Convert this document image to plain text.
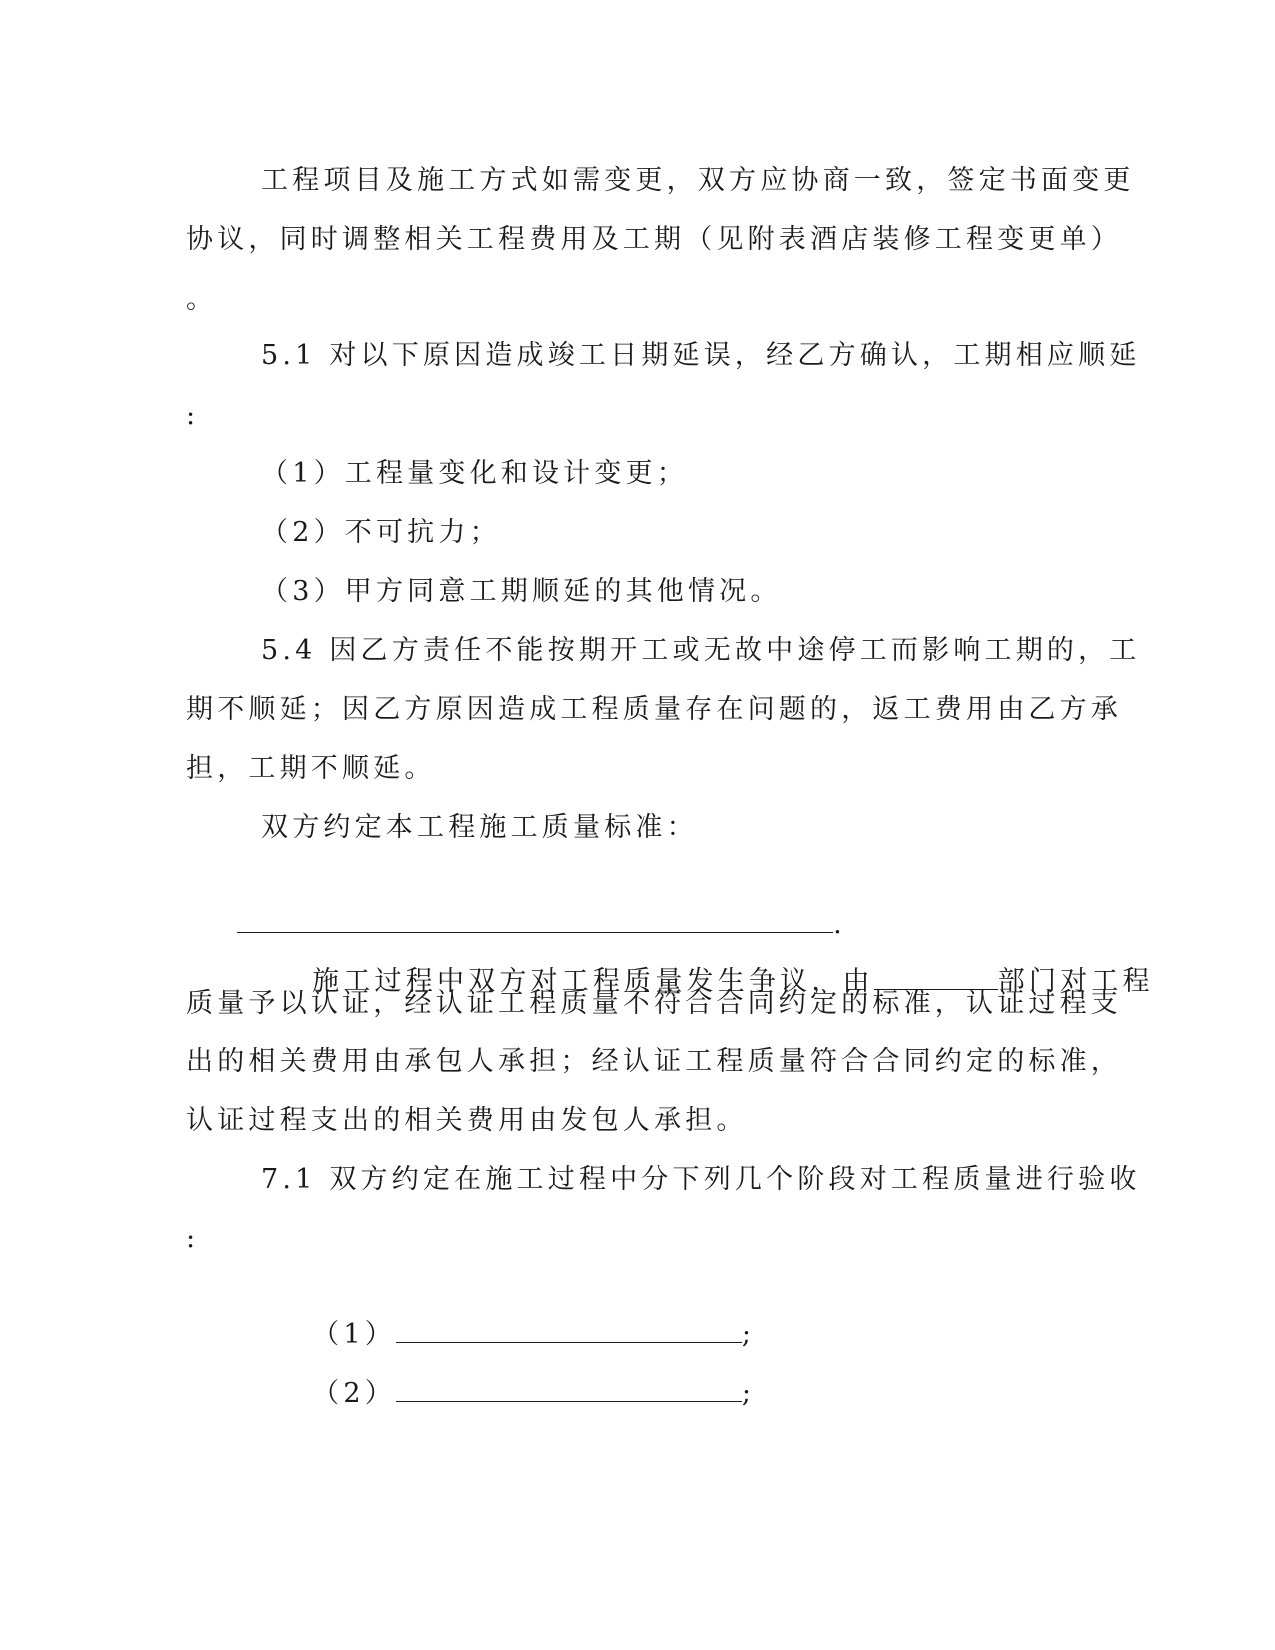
工程项目及施工方式如需变更，双方应协商一致，签定书面变更
协议，同时调整相关工程费用及工期（见附表酒店装修工程变更单）
。
5.1 对以下原因造成竣工日期延误，经乙方确认，工期相应顺延
:
（1）工程量变化和设计变更；
（2）不可抗力；
（3）甲方同意工期顺延的其他情况。
5.4 因乙方责任不能按期开工或无故中途停工而影响工期的，工
期不顺延；因乙方原因造成工程质量存在问题的，返工费用由乙方承
担，工期不顺延。
双方约定本工程施工质量标准：

.

施工过程中双方对工程质量发生争议，由	部门对工程

质量予以认证，经认证工程质量不符合合同约定的标准，认证过程支
出的相关费用由承包人承担；经认证工程质量符合合同约定的标准，
认证过程支出的相关费用由发包人承担。
7.1 双方约定在施工过程中分下列几个阶段对工程质量进行验收
:

（1）	;

（2）	;
